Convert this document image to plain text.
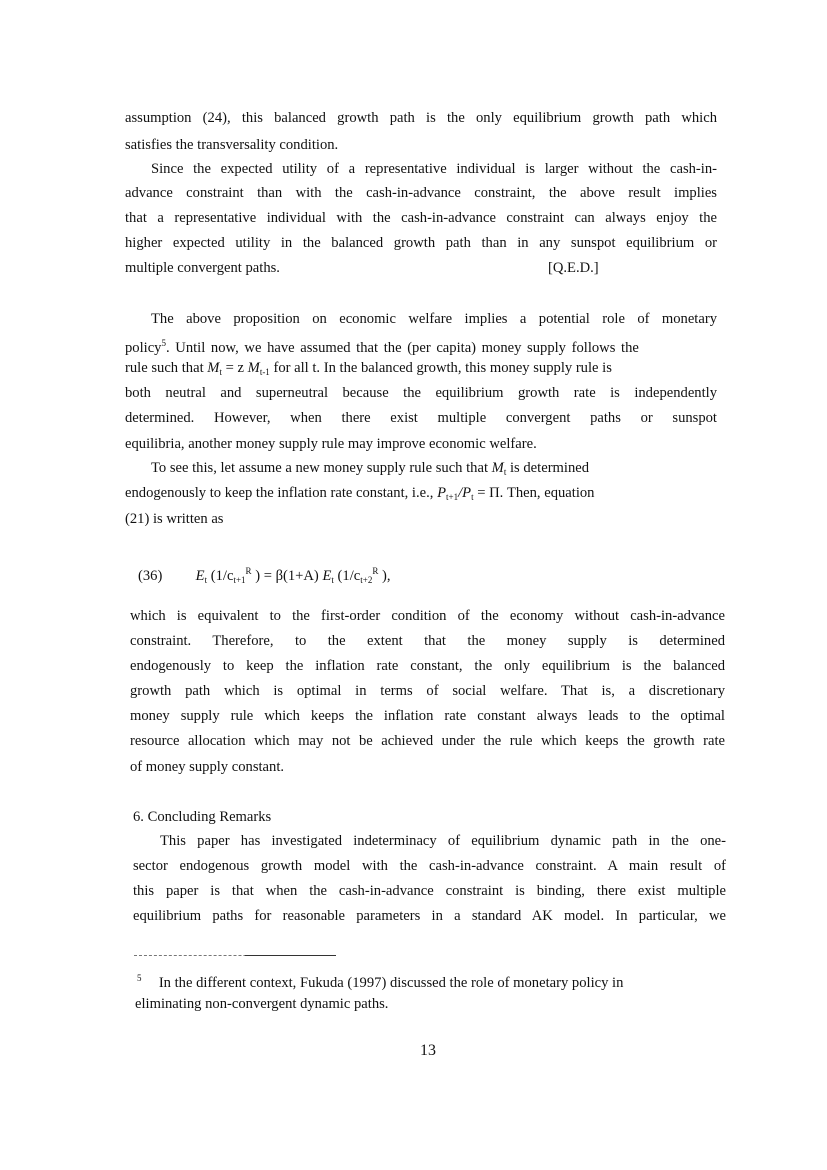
assumption (24), this balanced growth path is the only equilibrium growth path which
satisfies the transversality condition.
Since the expected utility of a representative individual is larger without the cash-in-
advance constraint than with the cash-in-advance constraint, the above result implies
that a representative individual with the cash-in-advance constraint can always enjoy the
higher expected utility in the balanced growth path than in any sunspot equilibrium or
multiple convergent paths.	[Q.E.D.]
The above proposition on economic welfare implies a potential role of monetary
policy$^5$. Until now, we have assumed that the (per capita) money supply follows the
rule such that $M_t = z$ $M_{t-1}$ for all t. In the balanced growth, this money supply rule is
both neutral and superneutral because the equilibrium growth rate is independently
determined. However, when there exist multiple convergent paths or sunspot
equilibria, another money supply rule may improve economic welfare.
To see this, let assume a new money supply rule such that $M_t$ is determined
endogenously to keep the inflation rate constant, i.e., $P_{t+1}/P_t = \Pi$. Then, equation
(21) is written as
(36) $E_t$ ($1/c_{t+1}^R$ ) = β(1+A) $E_t$ ($1/c_{t+2}^R$ ),
which is equivalent to the first-order condition of the economy without cash-in-advance
constraint. Therefore, to the extent that the money supply is determined
endogenously to keep the inflation rate constant, the only equilibrium is the balanced
growth path which is optimal in terms of social welfare. That is, a discretionary
money supply rule which keeps the inflation rate constant always leads to the optimal
resource allocation which may not be achieved under the rule which keeps the growth rate
of money supply constant.
6. Concluding Remarks
This paper has investigated indeterminacy of equilibrium dynamic path in the one-
sector endogenous growth model with the cash-in-advance constraint. A main result of
this paper is that when the cash-in-advance constraint is binding, there exist multiple
equilibrium paths for reasonable parameters in a standard AK model. In particular, we
$^5$ In the different context, Fukuda (1997) discussed the role of monetary policy in
eliminating non-convergent dynamic paths.
13
